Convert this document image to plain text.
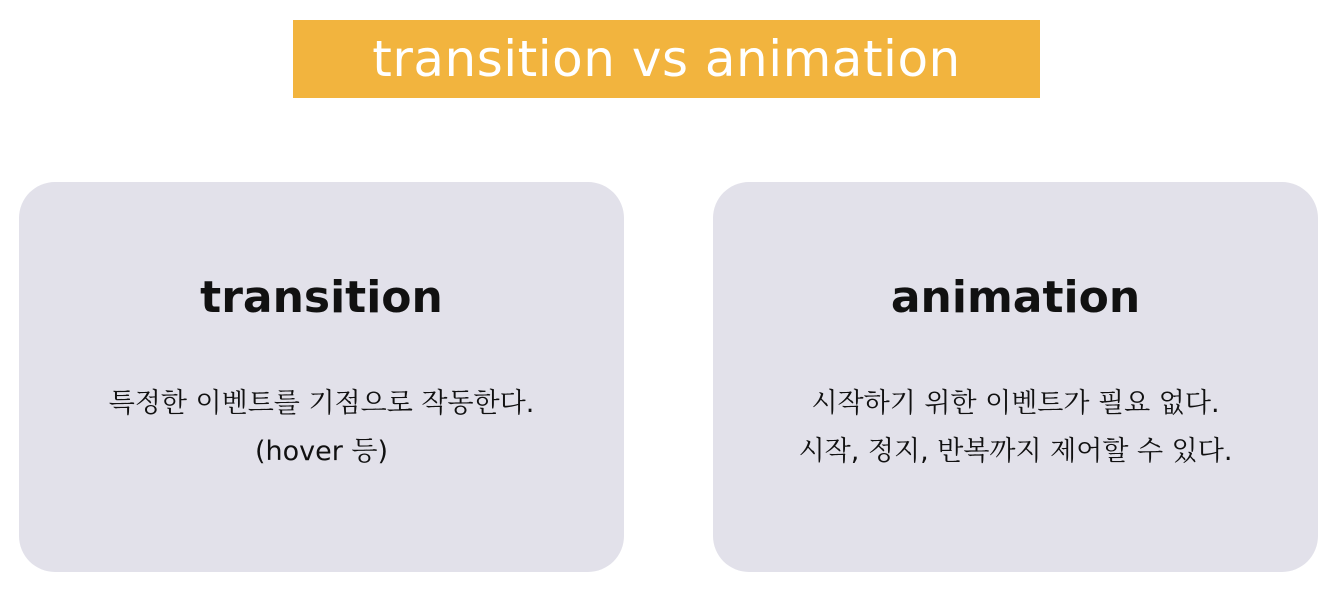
transition vs animation
transition
특정한 이벤트를 기점으로 작동한다.
(hover 등)
animation
시작하기 위한 이벤트가 필요 없다.
시작, 정지, 반복까지 제어할 수 있다.
